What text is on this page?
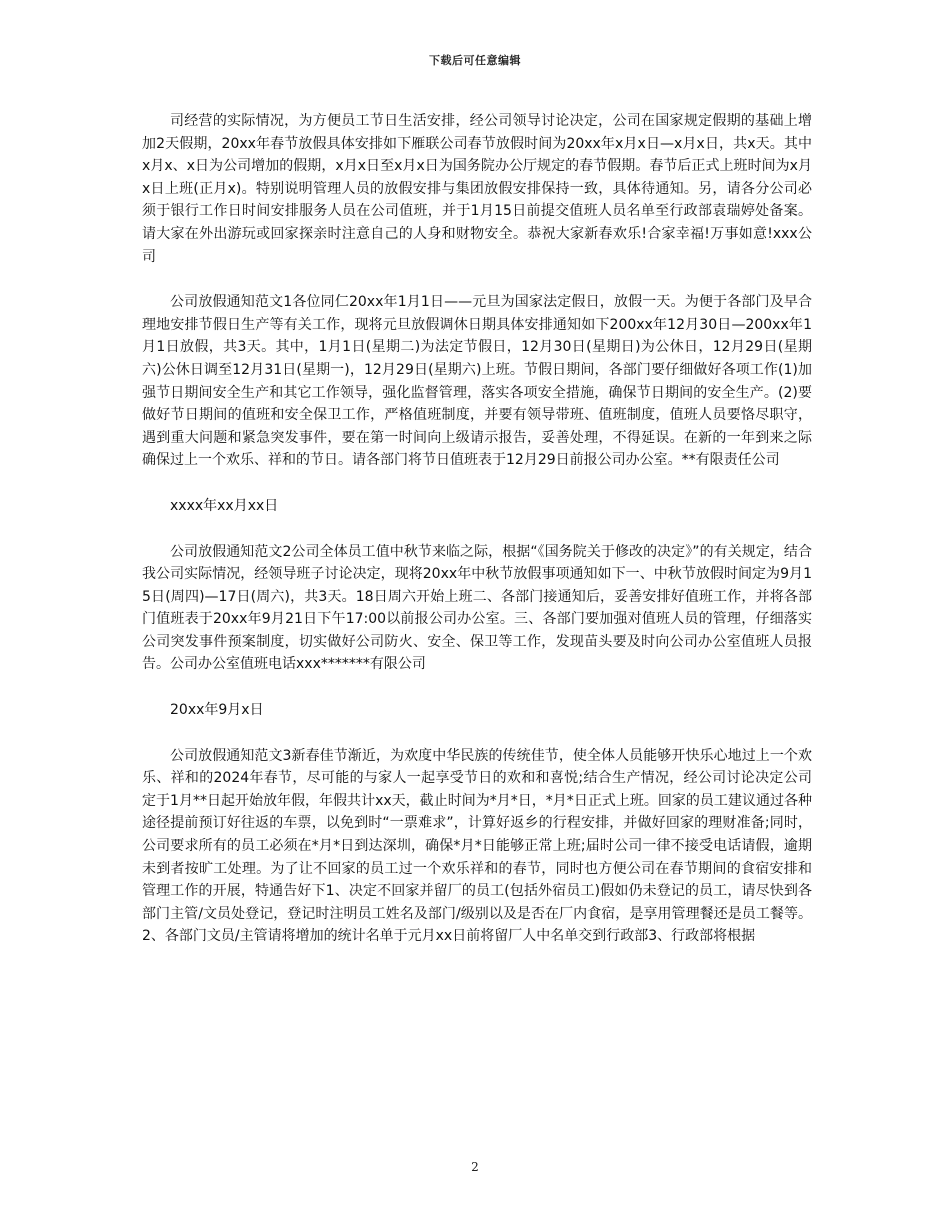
下载后可任意编辑

司经营的实际情况，为方便员工节日生活安排，经公司领导讨论决定，公司在国家规定假期的基础上增加2天假期，20xx年春节放假具体安排如下雁联公司春节放假时间为20xx年x月x日—x月x日，共x天。其中x月x、x日为公司增加的假期，x月x日至x月x日为国务院办公厅规定的春节假期。春节后正式上班时间为x月x日上班(正月x)。特别说明管理人员的放假安排与集团放假安排保持一致，具体待通知。另，请各分公司必须于银行工作日时间安排服务人员在公司值班，并于1月15日前提交值班人员名单至行政部袁瑞婷处备案。请大家在外出游玩或回家探亲时注意自己的人身和财物安全。恭祝大家新春欢乐!合家幸福!万事如意!xxx公司

公司放假通知范文1各位同仁20xx年1月1日——元旦为国家法定假日，放假一天。为便于各部门及早合理地安排节假日生产等有关工作，现将元旦放假调休日期具体安排通知如下200xx年12月30日—200xx年1月1日放假，共3天。其中，1月1日(星期二)为法定节假日，12月30日(星期日)为公休日，12月29日(星期六)公休日调至12月31日(星期一)，12月29日(星期六)上班。节假日期间，各部门要仔细做好各项工作(1)加强节日期间安全生产和其它工作领导，强化监督管理，落实各项安全措施，确保节日期间的安全生产。(2)要做好节日期间的值班和安全保卫工作，严格值班制度，并要有领导带班、值班制度，值班人员要恪尽职守，遇到重大问题和紧急突发事件，要在第一时间向上级请示报告，妥善处理，不得延误。在新的一年到来之际确保过上一个欢乐、祥和的节日。请各部门将节日值班表于12月29日前报公司办公室。**有限责任公司

xxxx年xx月xx日

公司放假通知范文2公司全体员工值中秋节来临之际，根据“《国务院关于修改的决定》”的有关规定，结合我公司实际情况，经领导班子讨论决定，现将20xx年中秋节放假事项通知如下一、中秋节放假时间定为9月15日(周四)—17日(周六)，共3天。18日周六开始上班二、各部门接通知后，妥善安排好值班工作，并将各部门值班表于20xx年9月21日下午17:00以前报公司办公室。三、各部门要加强对值班人员的管理，仔细落实公司突发事件预案制度，切实做好公司防火、安全、保卫等工作，发现苗头要及时向公司办公室值班人员报告。公司办公室值班电话xxx*******有限公司

20xx年9月x日

公司放假通知范文3新春佳节渐近，为欢度中华民族的传统佳节，使全体人员能够开快乐心地过上一个欢乐、祥和的2024年春节，尽可能的与家人一起享受节日的欢和和喜悦;结合生产情况，经公司讨论决定公司定于1月**日起开始放年假，年假共计xx天，截止时间为*月*日，*月*日正式上班。回家的员工建议通过各种途径提前预订好往返的车票，以免到时“一票难求”，计算好返乡的行程安排，并做好回家的理财准备;同时，公司要求所有的员工必须在*月*日到达深圳，确保*月*日能够正常上班;届时公司一律不接受电话请假，逾期未到者按旷工处理。为了让不回家的员工过一个欢乐祥和的春节，同时也方便公司在春节期间的食宿安排和管理工作的开展，特通告好下1、决定不回家并留厂的员工(包括外宿员工)假如仍未登记的员工，请尽快到各部门主管/文员处登记，登记时注明员工姓名及部门/级别以及是否在厂内食宿，是享用管理餐还是员工餐等。2、各部门文员/主管请将增加的统计名单于元月xx日前将留厂人中名单交到行政部3、行政部将根据

2
